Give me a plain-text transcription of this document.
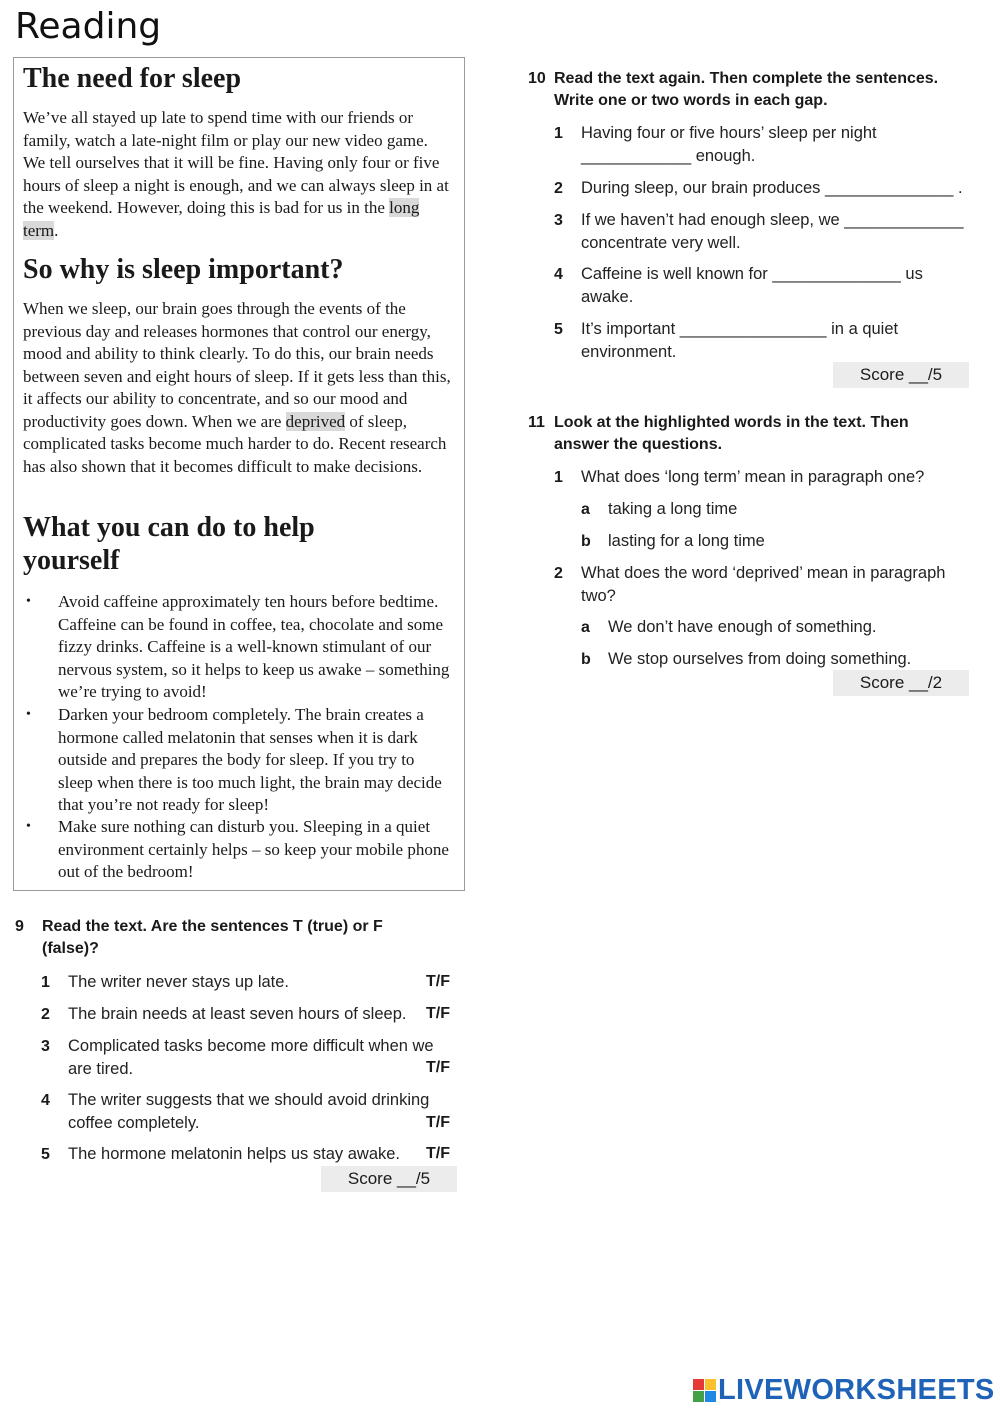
Reading
The need for sleep

We’ve all stayed up late to spend time with our friends or family, watch a late-night film or play our new video game. We tell ourselves that it will be fine. Having only four or five hours of sleep a night is enough, and we can always sleep in at the weekend. However, doing this is bad for us in the long term.

So why is sleep important?

When we sleep, our brain goes through the events of the previous day and releases hormones that control our energy, mood and ability to think clearly. To do this, our brain needs between seven and eight hours of sleep. If it gets less than this, it affects our ability to concentrate, and so our mood and productivity goes down. When we are deprived of sleep, complicated tasks become much harder to do. Recent research has also shown that it becomes difficult to make decisions.

What you can do to help yourself
• Avoid caffeine approximately ten hours before bedtime. Caffeine can be found in coffee, tea, chocolate and some fizzy drinks. Caffeine is a well-known stimulant of our nervous system, so it helps to keep us awake – something we’re trying to avoid!
• Darken your bedroom completely. The brain creates a hormone called melatonin that senses when it is dark outside and prepares the body for sleep. If you try to sleep when there is too much light, the brain may decide that you’re not ready for sleep!
• Make sure nothing can disturb you. Sleeping in a quiet environment certainly helps – so keep your mobile phone out of the bedroom!
9 Read the text. Are the sentences T (true) or F (false)?
1 The writer never stays up late.	T/F
2 The brain needs at least seven hours of sleep.	T/F
3 Complicated tasks become more difficult when we are tired.	T/F
4 The writer suggests that we should avoid drinking coffee completely.	T/F
5 The hormone melatonin helps us stay awake.	T/F
Score __/5
10 Read the text again. Then complete the sentences. Write one or two words in each gap.
1 Having four or five hours’ sleep per night
____________ enough.
2 During sleep, our brain produces ______________ .
3 If we haven’t had enough sleep, we _____________
concentrate very well.
4 Caffeine is well known for ______________ us
awake.
5 It’s important ________________ in a quiet
environment.
Score __/5
11 Look at the highlighted words in the text. Then answer the questions.
1 What does ‘long term’ mean in paragraph one?
a taking a long time
b lasting for a long time
2 What does the word ‘deprived’ mean in paragraph two?
a We don’t have enough of something.
b We stop ourselves from doing something.
Score __/2
LIVEWORKSHEETS
